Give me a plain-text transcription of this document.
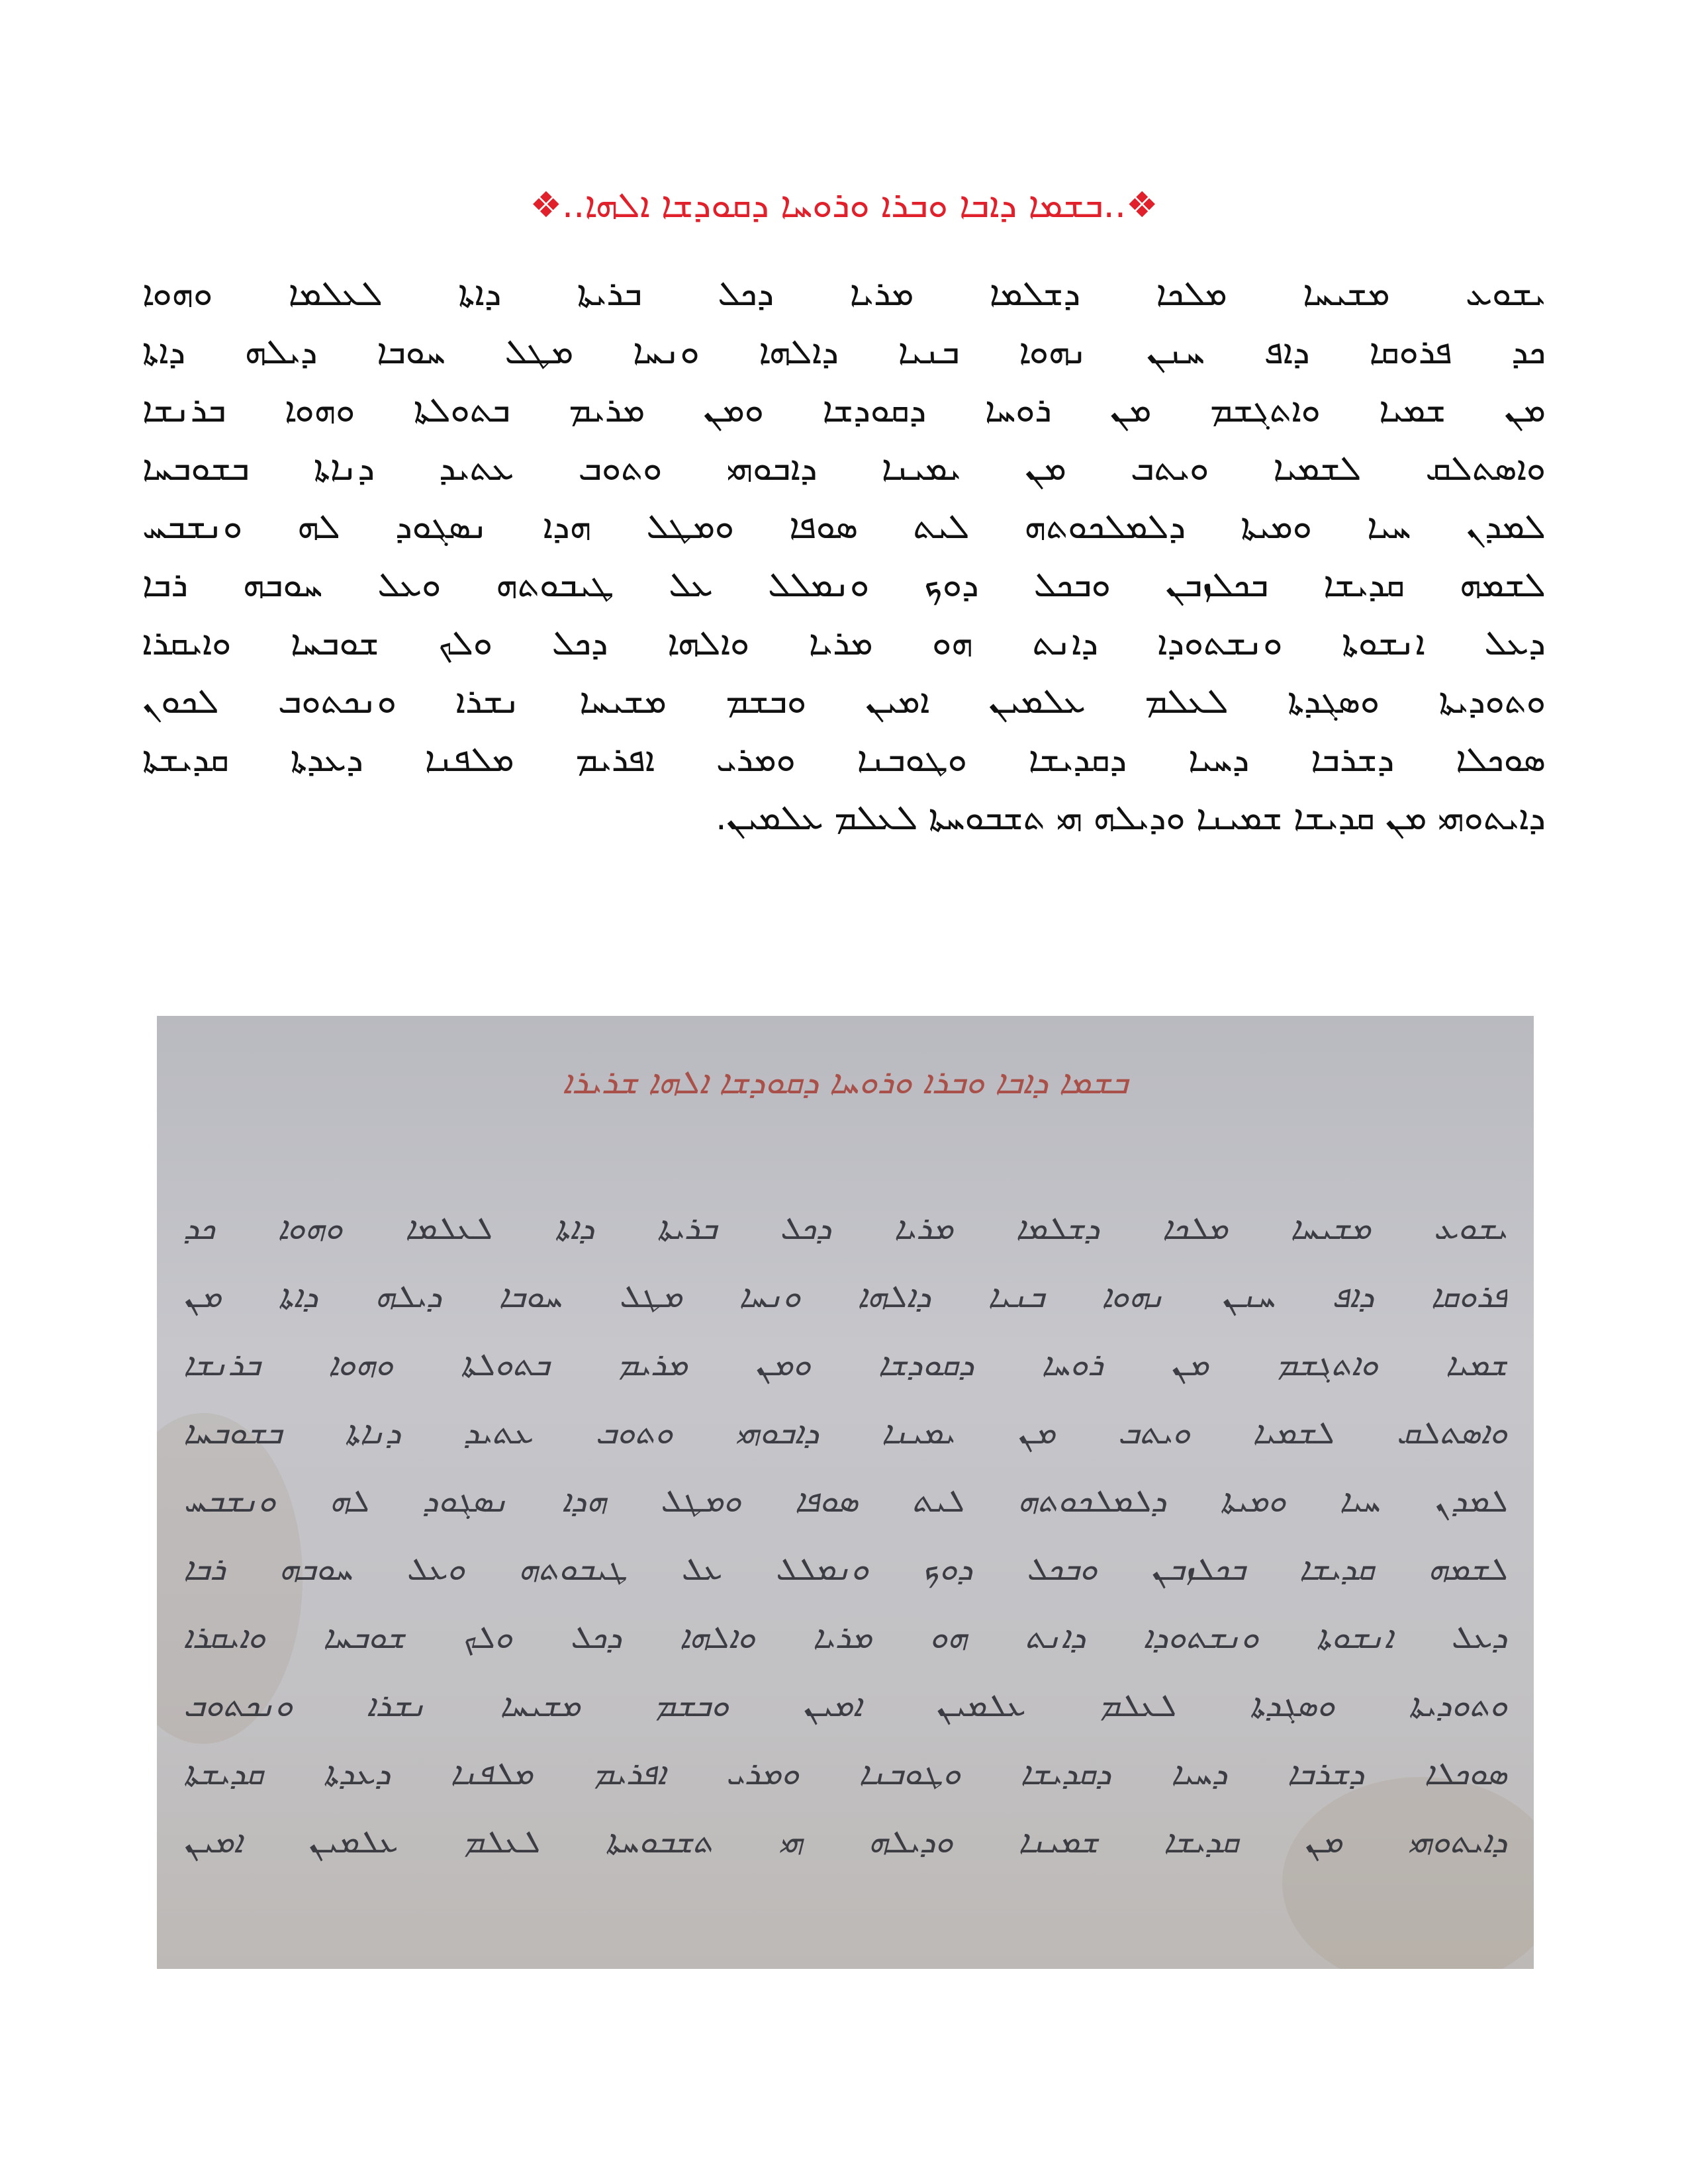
❖..ܒܫܡܐ ܕܐܒܐ ܘܒܪܐ ܘܪܘܚܐ ܕܩܘܕܫܐ ܐܠܗܐ..❖
ܝܫܘܥ ܡܫܝܚܐ ܡܠܟܐ ܕܫܠܡܐ ܡܪܝܐ ܕܟܠ ܒܪܝܬܐ ܕܐܬܐ ܠܥܠܡܐ ܘܗܘܐ
ܟܕ ܦܪܘܩܐ ܕܐܦ ܚܢܢ ܢܗܘܐ ܒܢܝܐ ܕܐܠܗܐ ܘܢܚܐ ܡܛܠ ܚܘܒܐ ܕܝܠܗ ܕܐܬܐ
ܡܢ ܫܡܝܐ ܘܐܬܓܫܡ ܡܢ ܪܘܚܐ ܕܩܘܕܫܐ ܘܡܢ ܡܪܝܡ ܒܬܘܠܬܐ ܘܗܘܐ ܒܪܢܫܐ
ܘܐܣܬܠܩ ܠܫܡܝܐ ܘܝܬܒ ܡܢ ܝܡܝܢܐ ܕܐܒܘܗܝ ܘܬܘܒ ܥܬܝܕ ܕܢܐܬܐ ܒܫܘܒܚܐ
ܠܡܕܢ ܚܝܐ ܘܡܝܬܐ ܕܠܡܠܟܘܬܗ ܠܝܬ ܣܘܦܐ ܘܡܛܠ ܗܕܐ ܢܣܓܘܕ ܠܗ ܘܢܫܒܚ
ܠܫܡܗ ܩܕܝܫܐ ܒܟܠܙܒܢ ܘܒܟܠ ܕܘܟ ܘܢܡܠܠ ܥܠ ܛܝܒܘܬܗ ܘܥܠ ܚܘܒܗ ܪܒܐ
ܕܥܠ ܐܢܫܘܬܐ ܘܢܫܬܘܕܐ ܕܐܢܬ ܗܘ ܡܪܝܐ ܘܐܠܗܐ ܕܟܠ ܘܠܟ ܫܘܒܚܐ ܘܐܝܩܪܐ
ܘܬܘܕܝܬܐ ܘܣܓܕܬܐ ܠܥܠܡ ܥܠܡܝܢ ܐܡܝܢ ܘܒܫܡ ܡܫܝܚܐ ܢܫܪܐ ܘܢܟܬܘܒ ܠܟܘܢ
ܣܘܟܠܐ ܕܫܪܒܐ ܕܚܝܐ ܕܩܕܝܫܐ ܘܛܘܒܢܐ ܘܡܪܝ ܐܦܪܝܡ ܡܠܦܢܐ ܕܥܕܬܐ ܩܕܝܫܬܐ
ܕܐܝܬܘܗܝ ܡܢ ܩܕܝܫܐ ܫܡܝܢܐ ܘܕܝܠܗ ܗܝ ܬܫܒܘܚܬܐ ܠܥܠܡ ܥܠܡܝܢ.
ܒܫܡܐ ܕܐܒܐ ܘܒܪܐ ܘܪܘܚܐ ܕܩܘܕܫܐ ܐܠܗܐ ܫܪܝܪܐ
ܝܫܘܥ ܡܫܝܚܐ ܡܠܟܐ ܕܫܠܡܐ ܡܪܝܐ ܕܟܠ ܒܪܝܬܐ ܕܐܬܐ ܠܥܠܡܐ ܘܗܘܐ ܟܕ
ܦܪܘܩܐ ܕܐܦ ܚܢܢ ܢܗܘܐ ܒܢܝܐ ܕܐܠܗܐ ܘܢܚܐ ܡܛܠ ܚܘܒܐ ܕܝܠܗ ܕܐܬܐ ܡܢ
ܫܡܝܐ ܘܐܬܓܫܡ ܡܢ ܪܘܚܐ ܕܩܘܕܫܐ ܘܡܢ ܡܪܝܡ ܒܬܘܠܬܐ ܘܗܘܐ ܒܪܢܫܐ
ܘܐܣܬܠܩ ܠܫܡܝܐ ܘܝܬܒ ܡܢ ܝܡܝܢܐ ܕܐܒܘܗܝ ܘܬܘܒ ܥܬܝܕ ܕܢܐܬܐ ܒܫܘܒܚܐ
ܠܡܕܢ ܚܝܐ ܘܡܝܬܐ ܕܠܡܠܟܘܬܗ ܠܝܬ ܣܘܦܐ ܘܡܛܠ ܗܕܐ ܢܣܓܘܕ ܠܗ ܘܢܫܒܚ
ܠܫܡܗ ܩܕܝܫܐ ܒܟܠܙܒܢ ܘܒܟܠ ܕܘܟ ܘܢܡܠܠ ܥܠ ܛܝܒܘܬܗ ܘܥܠ ܚܘܒܗ ܪܒܐ
ܕܥܠ ܐܢܫܘܬܐ ܘܢܫܬܘܕܐ ܕܐܢܬ ܗܘ ܡܪܝܐ ܘܐܠܗܐ ܕܟܠ ܘܠܟ ܫܘܒܚܐ ܘܐܝܩܪܐ
ܘܬܘܕܝܬܐ ܘܣܓܕܬܐ ܠܥܠܡ ܥܠܡܝܢ ܐܡܝܢ ܘܒܫܡ ܡܫܝܚܐ ܢܫܪܐ ܘܢܟܬܘܒ
ܣܘܟܠܐ ܕܫܪܒܐ ܕܚܝܐ ܕܩܕܝܫܐ ܘܛܘܒܢܐ ܘܡܪܝ ܐܦܪܝܡ ܡܠܦܢܐ ܕܥܕܬܐ ܩܕܝܫܬܐ
ܕܐܝܬܘܗܝ ܡܢ ܩܕܝܫܐ ܫܡܝܢܐ ܘܕܝܠܗ ܗܝ ܬܫܒܘܚܬܐ ܠܥܠܡ ܥܠܡܝܢ ܐܡܝܢ
